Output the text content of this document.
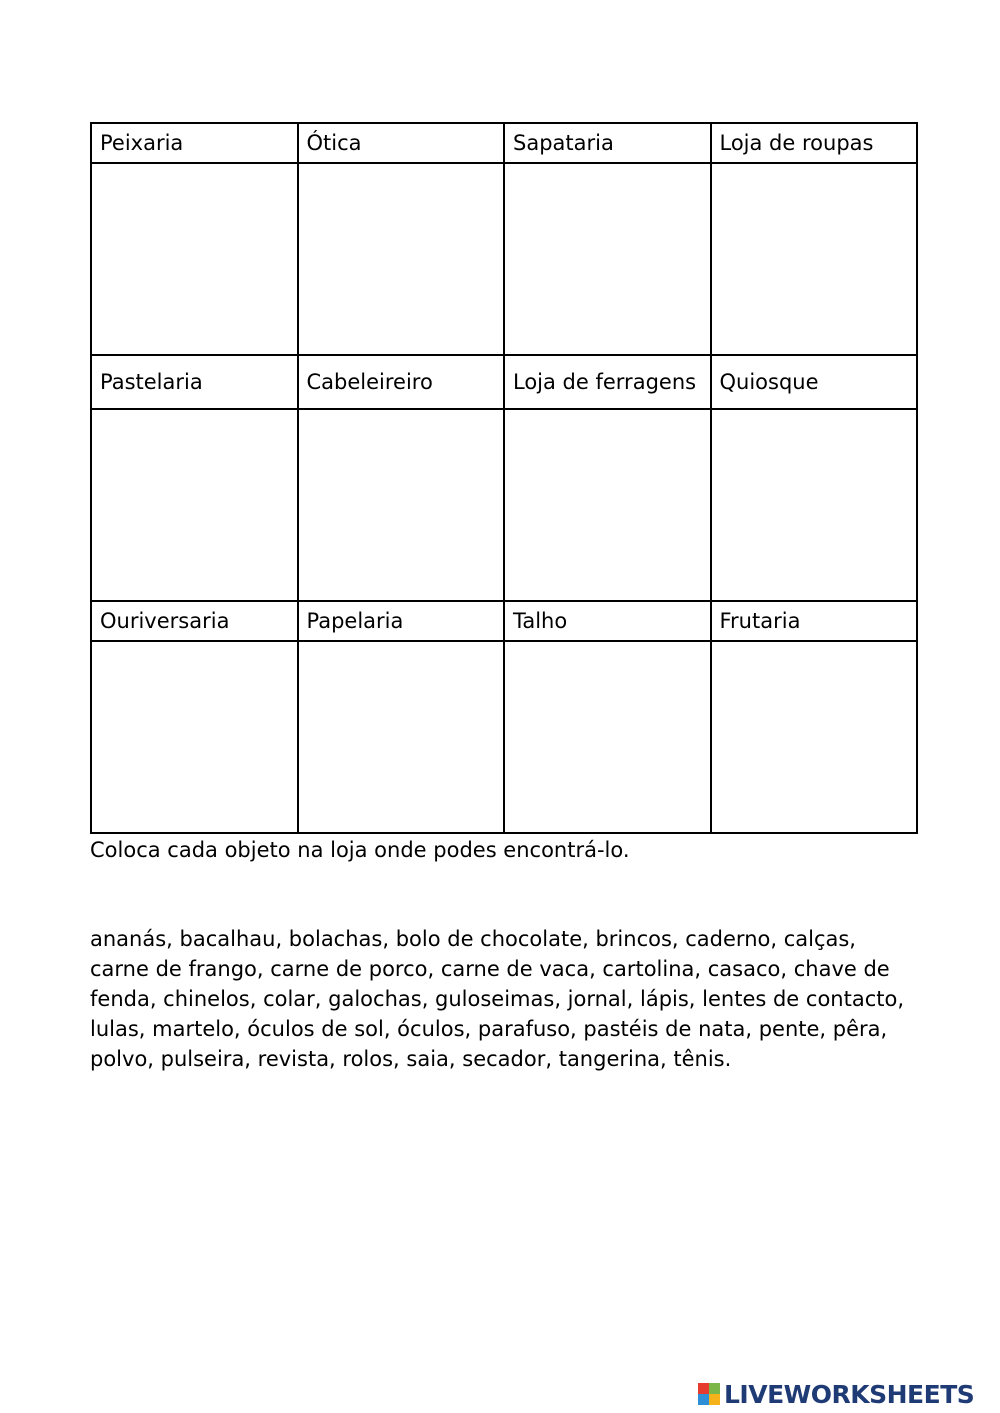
Peixaria	Ótica	Sapataria	Loja de roupas

Pastelaria	Cabeleireiro	Loja de ferragens	Quiosque

Ouriversaria	Papelaria	Talho	Frutaria

Coloca cada objeto na loja onde podes encontrá-lo.
ananás, bacalhau, bolachas, bolo de chocolate, brincos, caderno, calças, carne de frango, carne de porco, carne de vaca, cartolina, casaco, chave de fenda, chinelos, colar, galochas, guloseimas, jornal, lápis, lentes de contacto, lulas, martelo, óculos de sol, óculos, parafuso, pastéis de nata, pente, pêra, polvo, pulseira, revista, rolos, saia, secador, tangerina, tênis.
LIVEWORKSHEETS
